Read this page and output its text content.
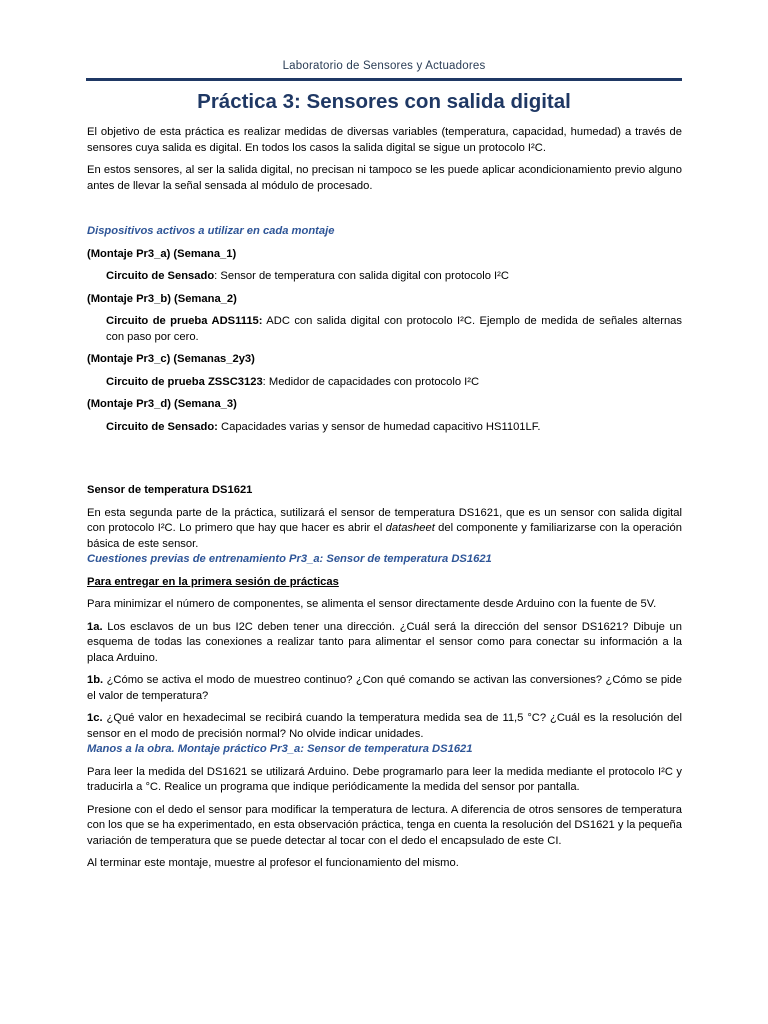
Laboratorio de Sensores y Actuadores
Práctica 3: Sensores con salida digital

El objetivo de esta práctica es realizar medidas de diversas variables (temperatura, capacidad, humedad) a través de sensores cuya salida es digital. En todos los casos la salida digital se sigue un protocolo I²C.

En estos sensores, al ser la salida digital, no precisan ni tampoco se les puede aplicar acondicionamiento previo alguno antes de llevar la señal sensada al módulo de procesado.

Dispositivos activos a utilizar en cada montaje

(Montaje Pr3_a) (Semana_1)

Circuito de Sensado: Sensor de temperatura con salida digital con protocolo I²C

(Montaje Pr3_b) (Semana_2)

Circuito de prueba ADS1115: ADC con salida digital con protocolo I²C. Ejemplo de medida de señales alternas con paso por cero.

(Montaje Pr3_c) (Semanas_2y3)

Circuito de prueba ZSSC3123: Medidor de capacidades con protocolo I²C

(Montaje Pr3_d) (Semana_3)

Circuito de Sensado: Capacidades varias y sensor de humedad capacitivo HS1101LF.

Sensor de temperatura DS1621

En esta segunda parte de la práctica, sutilizará el sensor de temperatura DS1621, que es un sensor con salida digital con protocolo I²C. Lo primero que hay que hacer es abrir el datasheet del componente y familiarizarse con la operación básica de este sensor.

Cuestiones previas de entrenamiento Pr3_a: Sensor de temperatura DS1621

Para entregar en la primera sesión de prácticas

Para minimizar el número de componentes, se alimenta el sensor directamente desde Arduino con la fuente de 5V.

1a. Los esclavos de un bus I2C deben tener una dirección. ¿Cuál será la dirección del sensor DS1621? Dibuje un esquema de todas las conexiones a realizar tanto para alimentar el sensor como para conectar su información a la placa Arduino.

1b. ¿Cómo se activa el modo de muestreo continuo? ¿Con qué comando se activan las conversiones? ¿Cómo se pide el valor de temperatura?

1c. ¿Qué valor en hexadecimal se recibirá cuando la temperatura medida sea de 11,5 °C? ¿Cuál es la resolución del sensor en el modo de precisión normal? No olvide indicar unidades.

Manos a la obra. Montaje práctico Pr3_a: Sensor de temperatura DS1621

Para leer la medida del DS1621 se utilizará Arduino. Debe programarlo para leer la medida mediante el protocolo I²C y traducirla a °C. Realice un programa que indique periódicamente la medida del sensor por pantalla.

Presione con el dedo el sensor para modificar la temperatura de lectura. A diferencia de otros sensores de temperatura con los que se ha experimentado, en esta observación práctica, tenga en cuenta la resolución del DS1621 y la pequeña variación de temperatura que se puede detectar al tocar con el dedo el encapsulado de este CI.

Al terminar este montaje, muestre al profesor el funcionamiento del mismo.
